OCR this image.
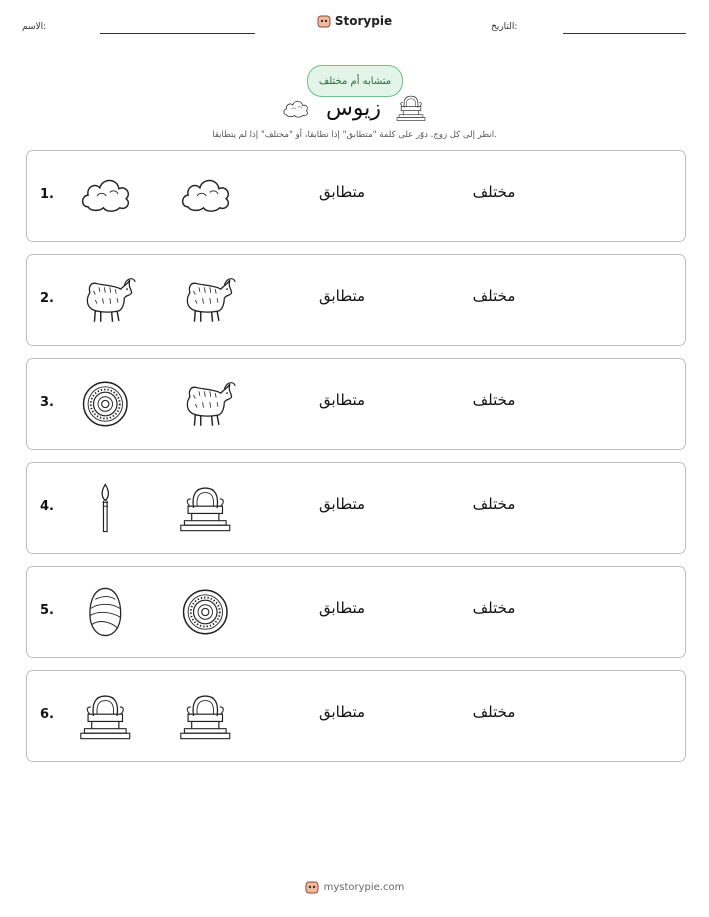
الاسم:	Storypie	التاريخ:
متشابه أم مختلف
زيوس
انظر إلى كل زوج. دوّر على كلمة "متطابق" إذا تطابقا، أو "مختلف" إذا لم يتطابقا.
1.	متطابق	مختلف
2.	متطابق	مختلف
3.	متطابق	مختلف
4.	متطابق	مختلف
5.	متطابق	مختلف
6.	متطابق	مختلف
mystorypie.com
